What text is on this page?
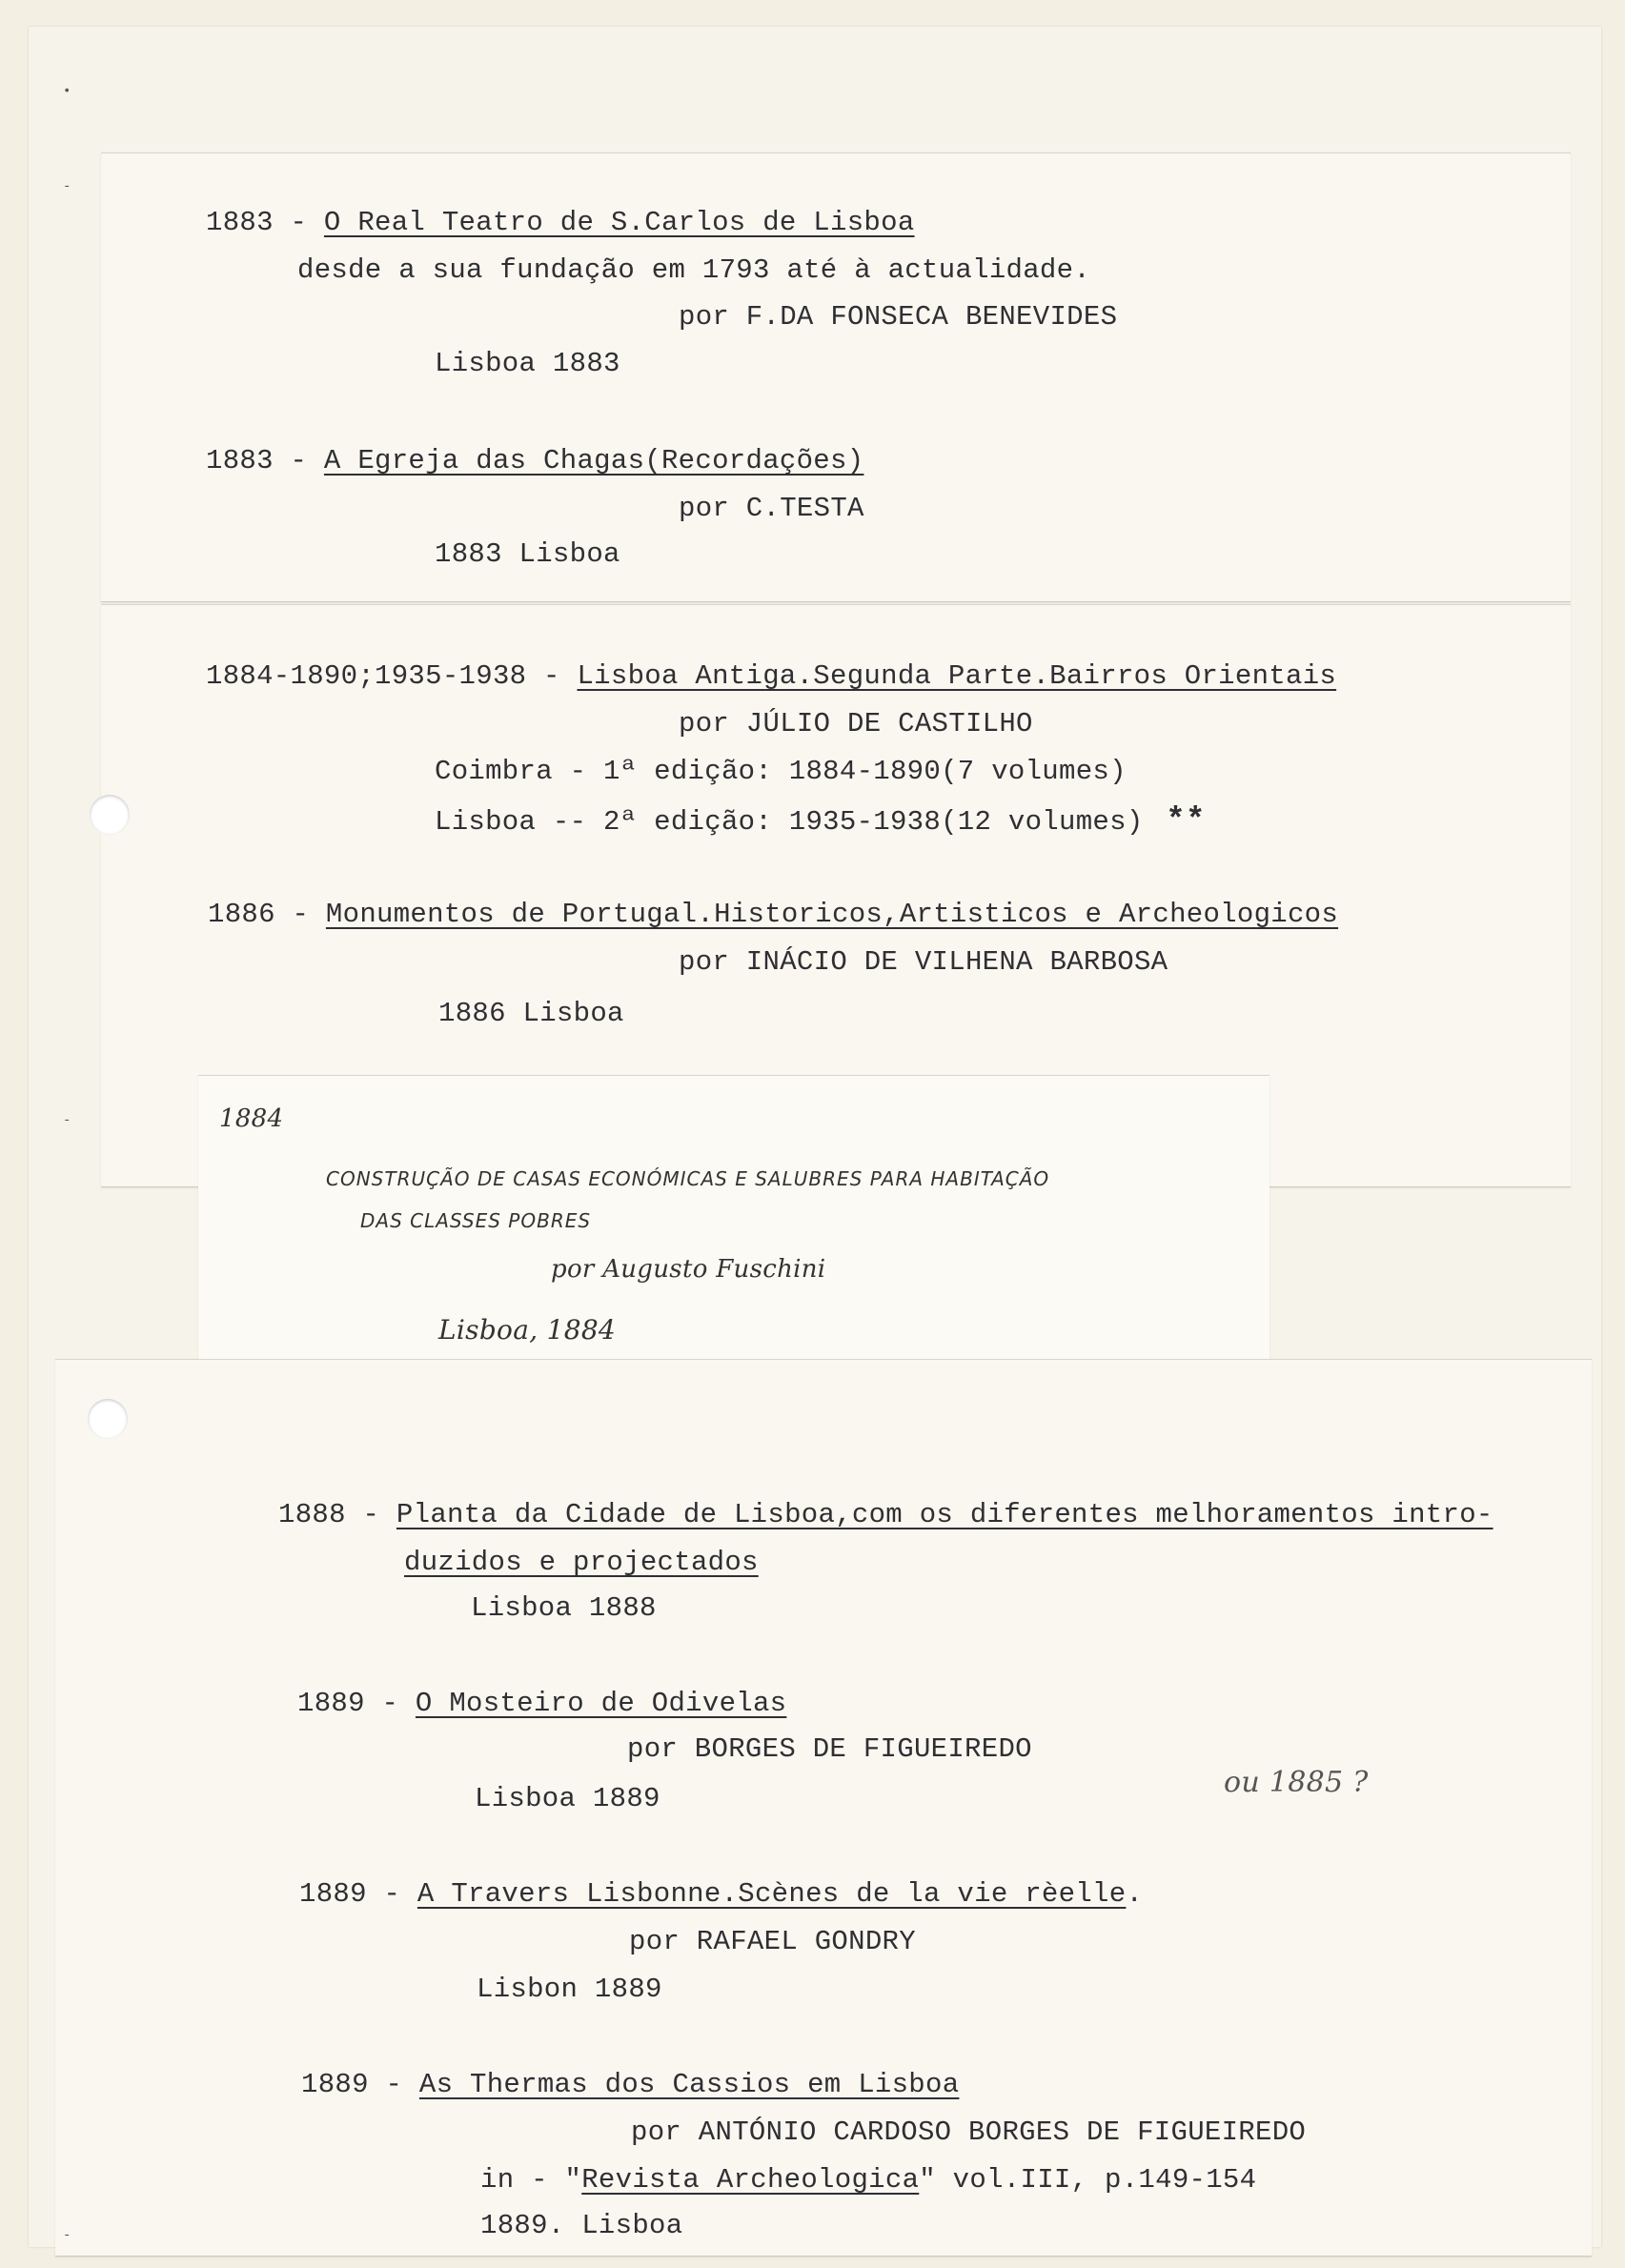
1883 - O Real Teatro de S.Carlos de Lisboa
desde a sua fundação em 1793 até à actualidade.
por F.DA FONSECA BENEVIDES
Lisboa 1883
1883 - A Egreja das Chagas(Recordações)
por C.TESTA
1883 Lisboa
1884-1890;1935-1938 - Lisboa Antiga.Segunda Parte.Bairros Orientais
por JÚLIO DE CASTILHO
Coimbra - 1ª edição: 1884-1890(7 volumes)
Lisboa -- 2ª edição: 1935-1938(12 volumes) **
1886 - Monumentos de Portugal.Historicos,Artisticos e Archeologicos
por INÁCIO DE VILHENA BARBOSA
1886 Lisboa
1884
CONSTRUÇÃO DE CASAS ECONÓMICAS E SALUBRES PARA HABITAÇÃO
DAS CLASSES POBRES
por Augusto Fuschini
Lisboa, 1884
1888 - Planta da Cidade de Lisboa,com os diferentes melhoramentos intro-
duzidos e projectados
Lisboa 1888
1889 - O Mosteiro de Odivelas
por BORGES DE FIGUEIREDO
Lisboa 1889	ou 1885 ?
1889 - A Travers Lisbonne.Scènes de la vie rèelle.
por RAFAEL GONDRY
Lisbon 1889
1889 - As Thermas dos Cassios em Lisboa
por ANTÓNIO CARDOSO BORGES DE FIGUEIREDO
in - "Revista Archeologica" vol.III, p.149-154
1889. Lisboa
•
-
-
-
